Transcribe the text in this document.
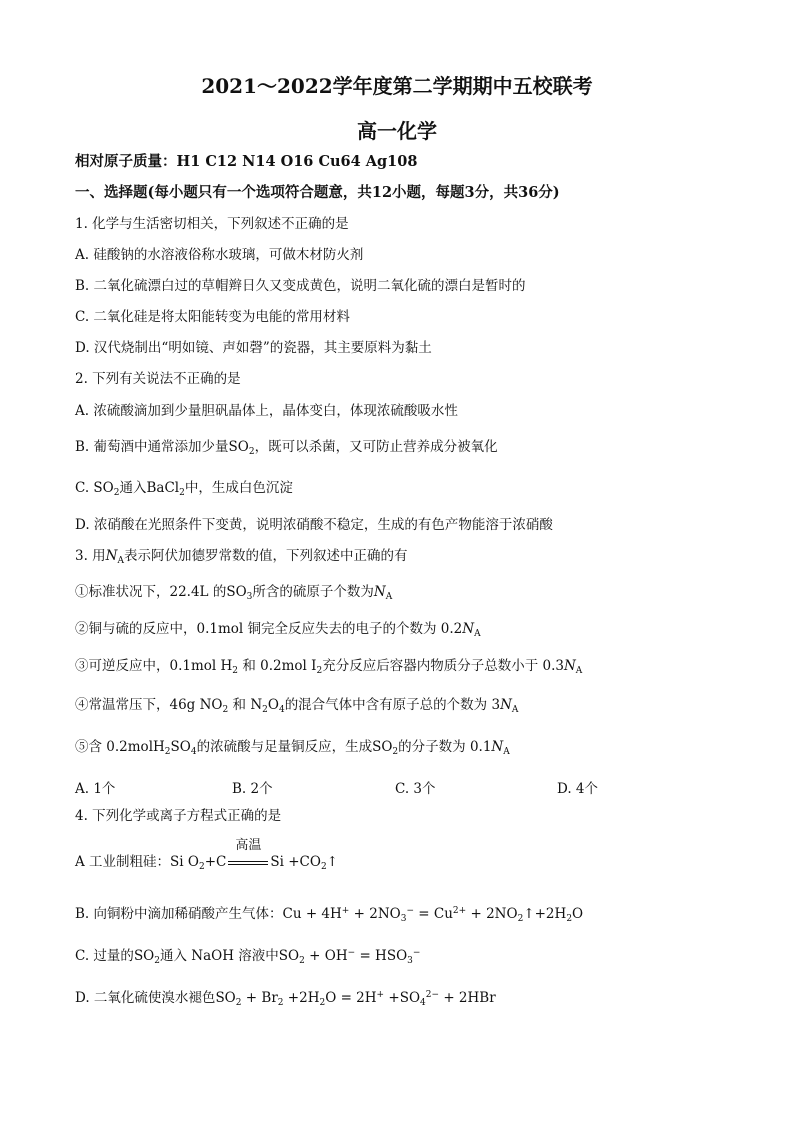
2021～2022学年度第二学期期中五校联考
高一化学
相对原子质量：H1 C12 N14 O16 Cu64 Ag108
一、选择题(每小题只有一个选项符合题意，共12小题，每题3分，共36分)
1. 化学与生活密切相关，下列叙述不正确的是
A. 硅酸钠的水溶液俗称水玻璃，可做木材防火剂
B. 二氧化硫漂白过的草帽辫日久又变成黄色，说明二氧化硫的漂白是暂时的
C. 二氧化硅是将太阳能转变为电能的常用材料
D. 汉代烧制出“明如镜、声如磬”的瓷器，其主要原料为黏土
2. 下列有关说法不正确的是
A. 浓硫酸滴加到少量胆矾晶体上，晶体变白，体现浓硫酸吸水性
B. 葡萄酒中通常添加少量$SO_2$，既可以杀菌，又可防止营养成分被氧化
C. $SO_2$通入BaCl$_2$中，生成白色沉淀
D. 浓硝酸在光照条件下变黄，说明浓硝酸不稳定，生成的有色产物能溶于浓硝酸
3. 用$N_A$表示阿伏加德罗常数的值，下列叙述中正确的有
①标准状况下，22.4L 的$SO_3$所含的硫原子个数为$N_A$
②铜与硫的反应中，0.1mol 铜完全反应失去的电子的个数为 $0.2N_A$
③可逆反应中，0.1mol $H_2$ 和 0.2mol $I_2$充分反应后容器内物质分子总数小于 $0.3N_A$
④常温常压下，46g $NO_2$ 和 $N_2O_4$的混合气体中含有原子总的个数为 $3N_A$
⑤含 $0.2molH_2SO_4$的浓硫酸与足量铜反应，生成$SO_2$的分子数为 $0.1N_A$
A. 1个	B. 2个	C. 3个	D. 4个
4. 下列化学或离子方程式正确的是
A 工业制粗硅：Si $O_2+C$
高温
$Si +CO_2↑$
B. 向铜粉中滴加稀硝酸产生气体：$Cu + 4H^+ + 2NO_3^- = Cu^{2+}$ + $2NO_2↑+2H_2O$
C. 过量的$SO_2$通入 NaOH 溶液中$SO_2 + OH^- = HSO_3^-$
D. 二氧化硫使溴水褪色$SO_2 + Br_2 +2H_2O = 2H^+ +SO_4^{2-} + 2HBr$
